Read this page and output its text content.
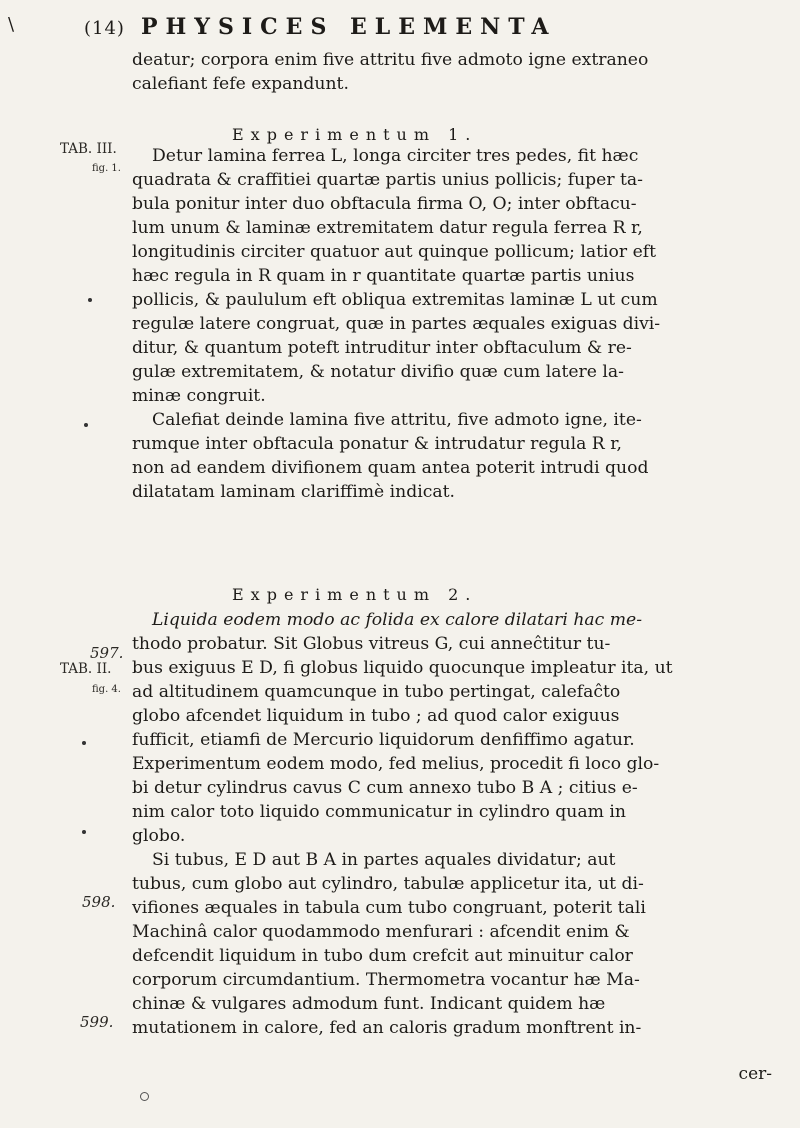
\	(14) PHYSICES ELEMENTA
TAB. III.
fig. 1.
597.
TAB. II.
fig. 4.
598.
599.
Experimentum 1.
Experimentum 2.
deatur; corpora enim five attritu five admoto igne extraneo
calefiant fefe expandunt.
Detur lamina ferrea L, longa circiter tres pedes, fit hæc
quadrata & craffitiei quartæ partis unius pollicis; fuper ta-
bula ponitur inter duo obftacula firma O, O; inter obftacu-
lum unum & laminæ extremitatem datur regula ferrea R r,
longitudinis circiter quatuor aut quinque pollicum; latior eft
hæc regula in R quam in r quantitate quartæ partis unius
pollicis, & paululum eft obliqua extremitas laminæ L ut cum
regulæ latere congruat, quæ in partes æquales exiguas divi-
ditur, & quantum poteft intruditur inter obftaculum & re-
gulæ extremitatem, & notatur divifio quæ cum latere la-
minæ congruit.
Calefiat deinde lamina five attritu, five admoto igne, ite-
rumque inter obftacula ponatur & intrudatur regula R r,
non ad eandem divifionem quam antea poterit intrudi quod
dilatatam laminam clariffimè indicat.
Liquida eodem modo ac folida ex calore dilatari hac me-
thodo probatur. Sit Globus vitreus G, cui anneĉtitur tu-
bus exiguus E D, fi globus liquido quocunque impleatur ita, ut
ad altitudinem quamcunque in tubo pertingat, calefaĉto
globo afcendet liquidum in tubo ; ad quod calor exiguus
fufficit, etiamfi de Mercurio liquidorum denfiffimo agatur.
Experimentum eodem modo, fed melius, procedit fi loco glo-
bi detur cylindrus cavus C cum annexo tubo B A ; citius e-
nim calor toto liquido communicatur in cylindro quam in
globo.
Si tubus, E D aut B A in partes aquales dividatur; aut
tubus, cum globo aut cylindro, tabulæ applicetur ita, ut di-
vifiones æquales in tabula cum tubo congruant, poterit tali
Machinâ calor quodammodo menfurari : afcendit enim &
defcendit liquidum in tubo dum crefcit aut minuitur calor
corporum circumdantium. Thermometra vocantur hæ Ma-
chinæ & vulgares admodum funt. Indicant quidem hæ
mutationem in calore, fed an caloris gradum monftrent in-
cer-
